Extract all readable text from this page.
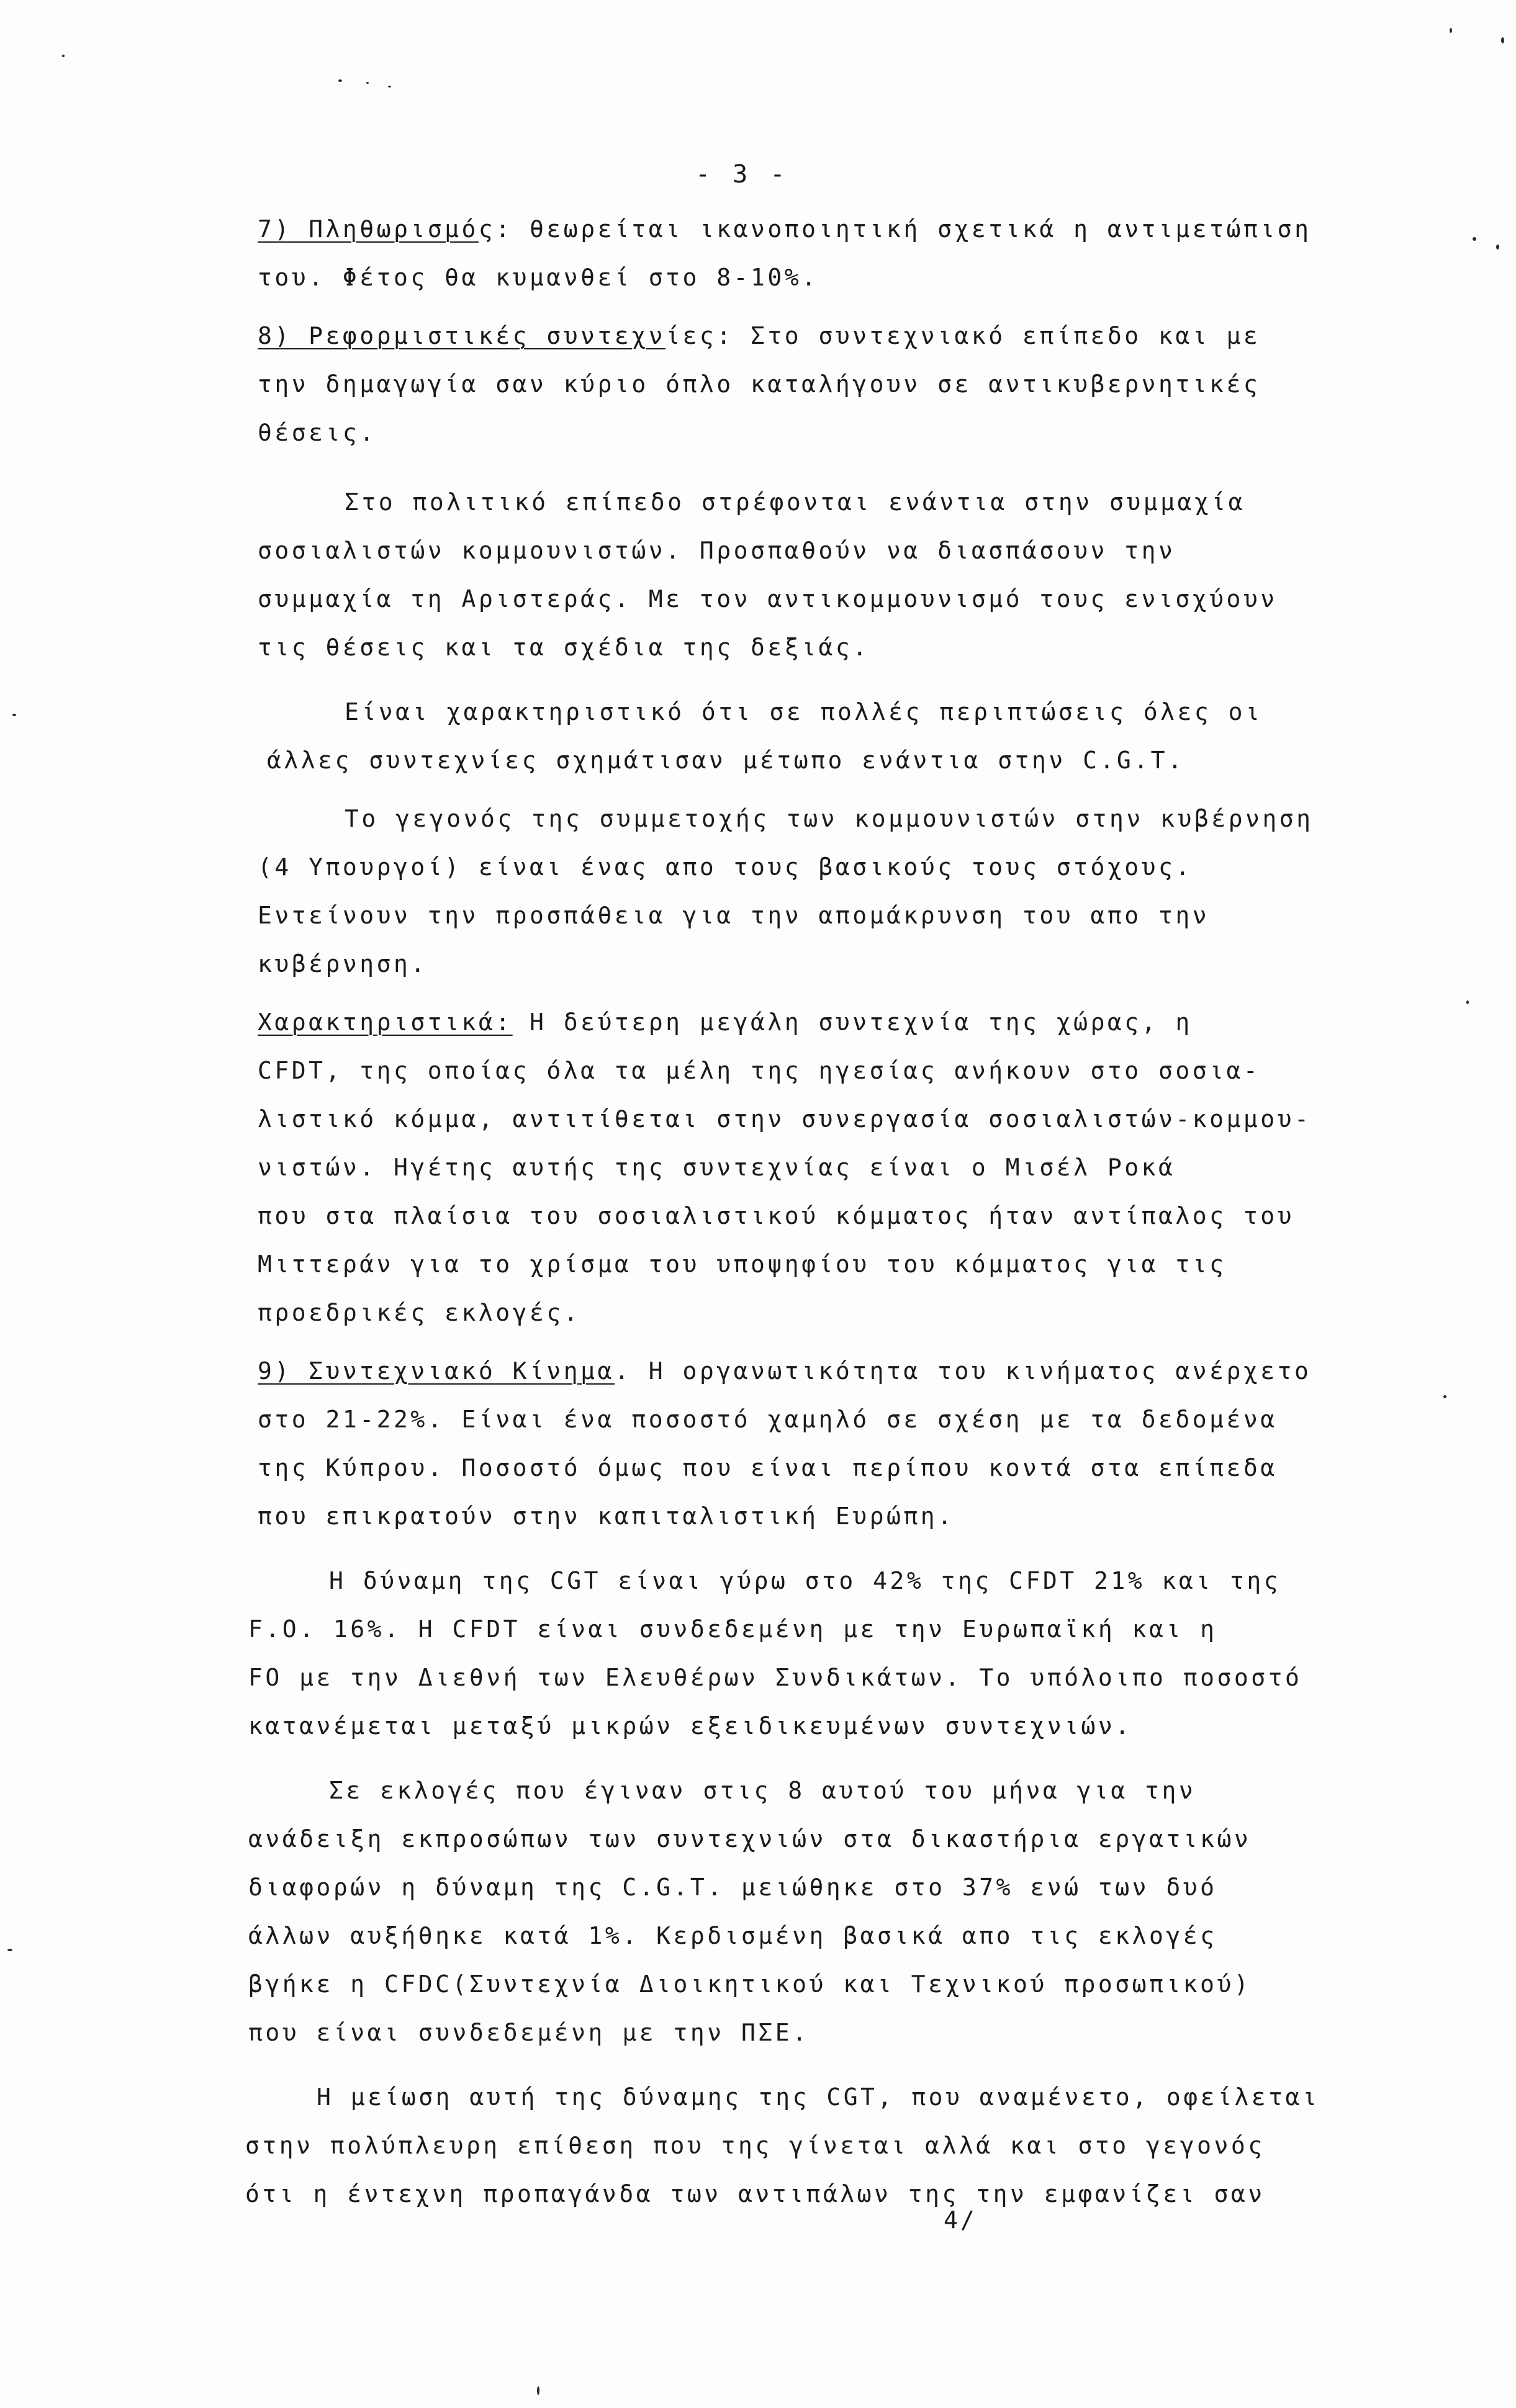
- 3 -
7) Πληθωρισμός: θεωρείται ικανοποιητική σχετικά η αντιμετώπιση
του. Φέτος θα κυμανθεί στο 8-10%.
8) Ρεφορμιστικές συντεχνίες: Στο συντεχνιακό επίπεδο και με
την δημαγωγία σαν κύριο όπλο καταλήγουν σε αντικυβερνητικές
θέσεις.
Στο πολιτικό επίπεδο στρέφονται ενάντια στην συμμαχία
σοσιαλιστών κομμουνιστών. Προσπαθούν να διασπάσουν την
συμμαχία τη Αριστεράς. Με τον αντικομμουνισμό τους ενισχύουν
τις θέσεις και τα σχέδια της δεξιάς.
Είναι χαρακτηριστικό ότι σε πολλές περιπτώσεις όλες οι
άλλες συντεχνίες σχημάτισαν μέτωπο ενάντια στην C.G.T.
Το γεγονός της συμμετοχής των κομμουνιστών στην κυβέρνηση
(4 Υπουργοί) είναι ένας απο τους βασικούς τους στόχους.
Εντείνουν την προσπάθεια για την απομάκρυνση του απο την
κυβέρνηση.
Χαρακτηριστικά: Η δεύτερη μεγάλη συντεχνία της χώρας, η
CFDT, της οποίας όλα τα μέλη της ηγεσίας ανήκουν στο σοσια-
λιστικό κόμμα, αντιτίθεται στην συνεργασία σοσιαλιστών-κομμου-
νιστών. Ηγέτης αυτής της συντεχνίας είναι ο Μισέλ Ροκά
που στα πλαίσια του σοσιαλιστικού κόμματος ήταν αντίπαλος του
Μιττεράν για το χρίσμα του υποψηφίου του κόμματος για τις
προεδρικές εκλογές.
9) Συντεχνιακό Κίνημα. Η οργανωτικότητα του κινήματος ανέρχετο
στο 21-22%. Είναι ένα ποσοστό χαμηλό σε σχέση με τα δεδομένα
της Κύπρου. Ποσοστό όμως που είναι περίπου κοντά στα επίπεδα
που επικρατούν στην καπιταλιστική Ευρώπη.
Η δύναμη της CGT είναι γύρω στο 42% της CFDT 21% και της
F.O. 16%. Η CFDT είναι συνδεδεμένη με την Ευρωπαϊκή και η
FO με την Διεθνή των Ελευθέρων Συνδικάτων. Το υπόλοιπο ποσοστό
κατανέμεται μεταξύ μικρών εξειδικευμένων συντεχνιών.
Σε εκλογές που έγιναν στις 8 αυτού του μήνα για την
ανάδειξη εκπροσώπων των συντεχνιών στα δικαστήρια εργατικών
διαφορών η δύναμη της C.G.T. μειώθηκε στο 37% ενώ των δυό
άλλων αυξήθηκε κατά 1%. Κερδισμένη βασικά απο τις εκλογές
βγήκε η CFDC(Συντεχνία Διοικητικού και Τεχνικού προσωπικού)
που είναι συνδεδεμένη με την ΠΣΕ.
Η μείωση αυτή της δύναμης της CGT, που αναμένετο, οφείλεται
στην πολύπλευρη επίθεση που της γίνεται αλλά και στο γεγονός
ότι η έντεχνη προπαγάνδα των αντιπάλων της την εμφανίζει σαν
4/
